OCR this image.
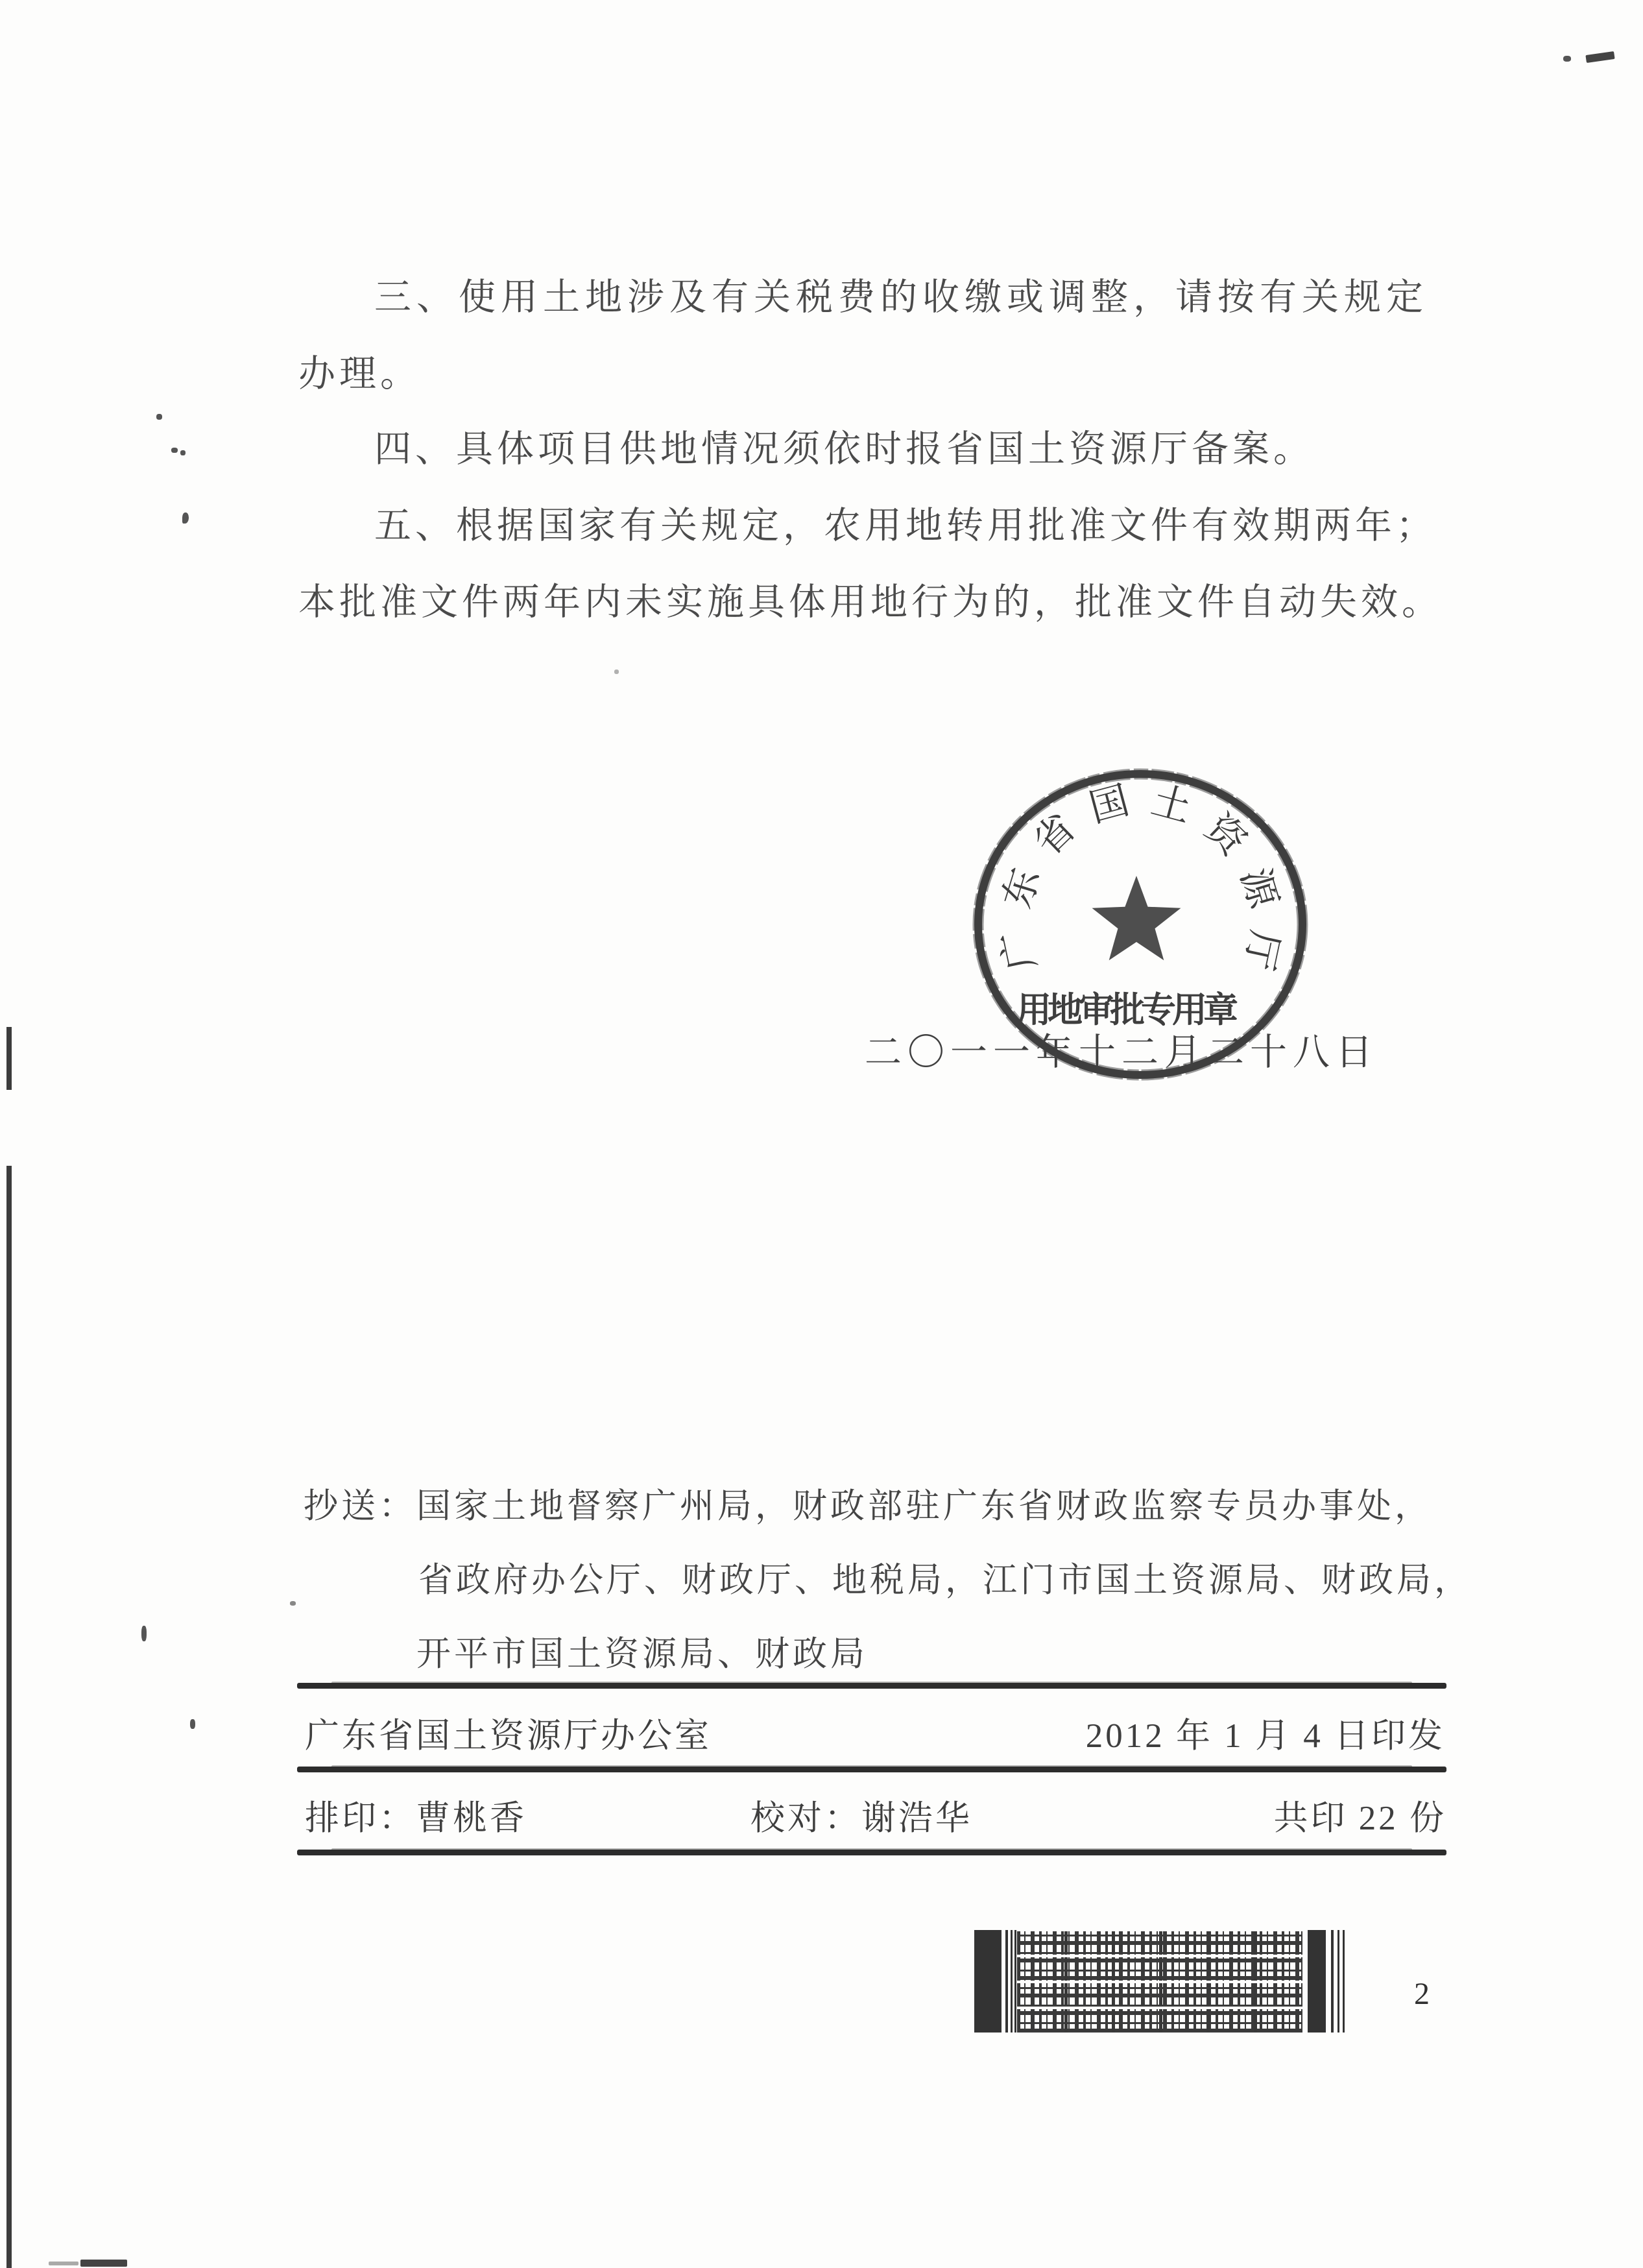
三、使用土地涉及有关税费的收缴或调整，请按有关规定
办理。
四、具体项目供地情况须依时报省国土资源厅备案。
五、根据国家有关规定，农用地转用批准文件有效期两年；
本批准文件两年内未实施具体用地行为的，批准文件自动失效。
广
东
省
国 土
资
源
厅
用地审批专用章
二〇一一年十二月二十八日
抄送：国家土地督察广州局，财政部驻广东省财政监察专员办事处，
省政府办公厅、财政厅、地税局，江门市国土资源局、财政局，
开平市国土资源局、财政局
广东省国土资源厅办公室	2012 年 1 月 4 日印发
排印：曹桃香	校对：谢浩华	共印 22 份
2
